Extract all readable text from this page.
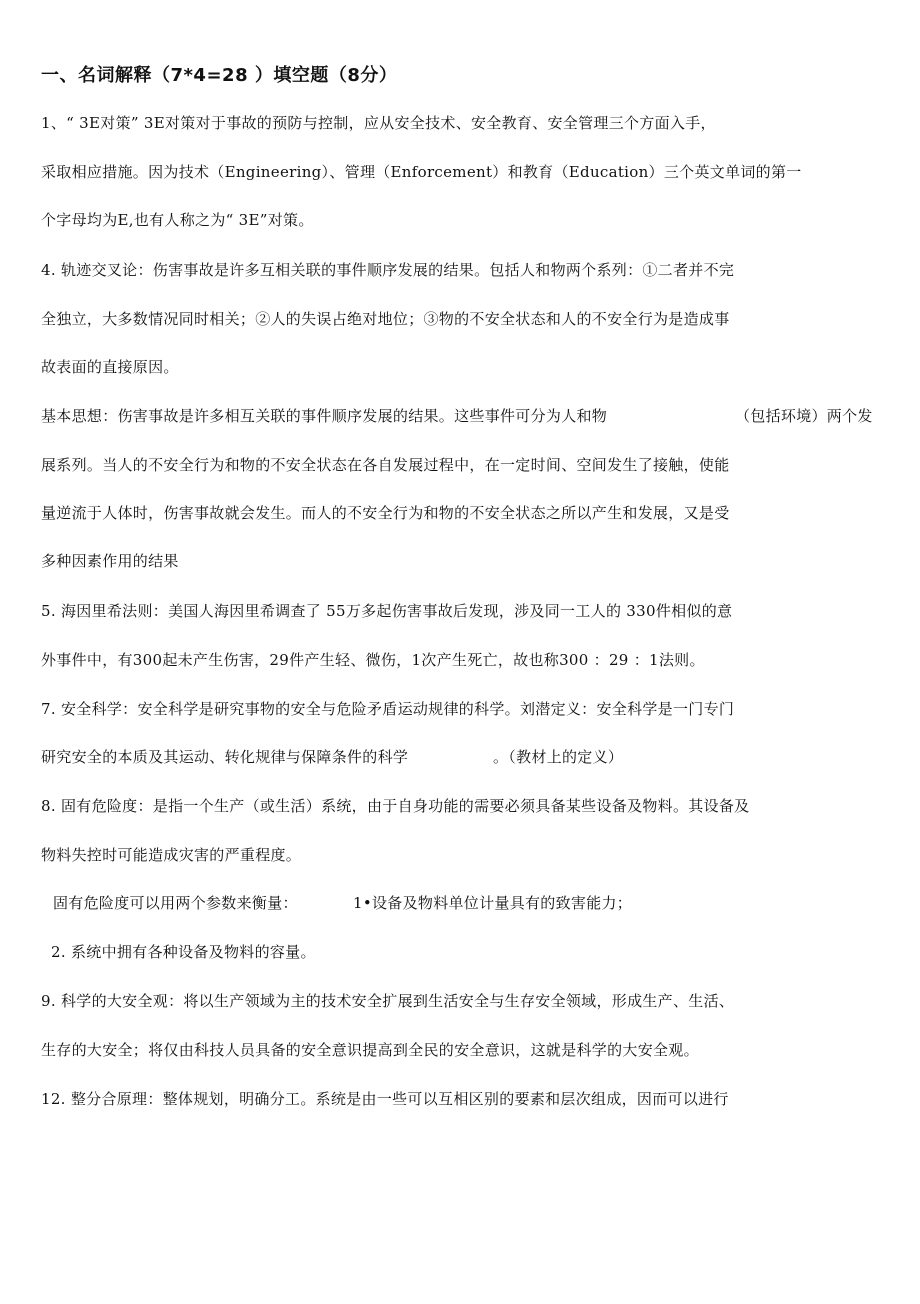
一、名词解释（7*4=28 ）填空题（8分）
1、“ 3E对策” 3E对策对于事故的预防与控制，应从安全技术、安全教育、安全管理三个方面入手，
采取相应措施。因为技术（Engineering）、管理（Enforcement）和教育（Education）三个英文单词的第一
个字母均为E,也有人称之为“ 3E”对策。
4. 轨迹交叉论：伤害事故是许多互相关联的事件顺序发展的结果。包括人和物两个系列：①二者并不完
全独立，大多数情况同时相关；②人的失误占绝对地位；③物的不安全状态和人的不安全行为是造成事
故表面的直接原因。
基本思想：伤害事故是许多相互关联的事件顺序发展的结果。这些事件可分为人和物	（包括环境）两个发
展系列。当人的不安全行为和物的不安全状态在各自发展过程中，在一定时间、空间发生了接触，使能
量逆流于人体时，伤害事故就会发生。而人的不安全行为和物的不安全状态之所以产生和发展，又是受
多种因素作用的结果
5. 海因里希法则：美国人海因里希调查了 55万多起伤害事故后发现，涉及同一工人的 330件相似的意
外事件中，有300起未产生伤害，29件产生轻、微伤，1次产生死亡，故也称300 ：29 ：1法则。
7. 安全科学：安全科学是研究事物的安全与危险矛盾运动规律的科学。刘潜定义：安全科学是一门专门
研究安全的本质及其运动、转化规律与保障条件的科学	。（教材上的定义）
8. 固有危险度：是指一个生产（或生活）系统，由于自身功能的需要必须具备某些设备及物料。其设备及
物料失控时可能造成灾害的严重程度。
固有危险度可以用两个参数来衡量：	1•设备及物料单位计量具有的致害能力；
2. 系统中拥有各种设备及物料的容量。
9. 科学的大安全观：将以生产领域为主的技术安全扩展到生活安全与生存安全领域，形成生产、生活、
生存的大安全；将仅由科技人员具备的安全意识提高到全民的安全意识，这就是科学的大安全观。
12. 整分合原理：整体规划，明确分工。系统是由一些可以互相区别的要素和层次组成，因而可以进行
